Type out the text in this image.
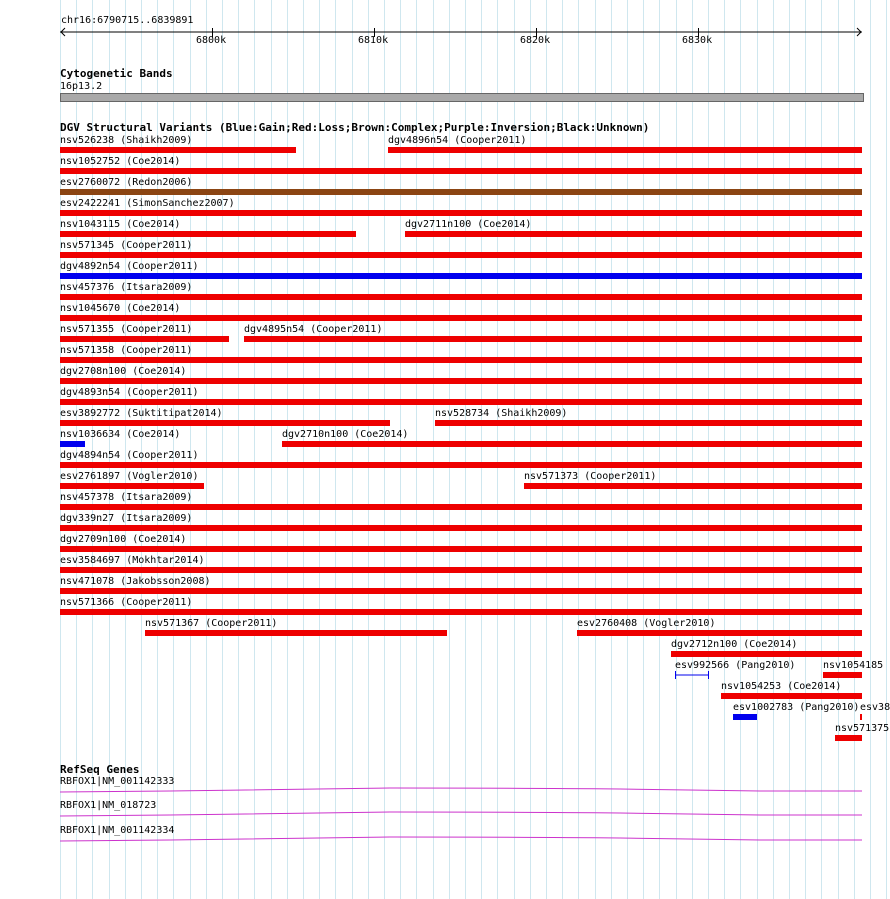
chr16:6790715..6839891
6800k	6810k	6820k	6830k
Cytogenetic Bands
16p13.2
DGV Structural Variants (Blue:Gain;Red:Loss;Brown:Complex;Purple:Inversion;Black:Unknown)
nsv526238 (Shaikh2009)	dgv4896n54 (Cooper2011)
nsv1052752 (Coe2014)
esv2760072 (Redon2006)
esv2422241 (SimonSanchez2007)
nsv1043115 (Coe2014)	dgv2711n100 (Coe2014)
nsv571345 (Cooper2011)
dgv4892n54 (Cooper2011)
nsv457376 (Itsara2009)
nsv1045670 (Coe2014)
nsv571355 (Cooper2011)	dgv4895n54 (Cooper2011)
nsv571358 (Cooper2011)
dgv2708n100 (Coe2014)
dgv4893n54 (Cooper2011)
esv3892772 (Suktitipat2014)	nsv528734 (Shaikh2009)
nsv1036634 (Coe2014)	dgv2710n100 (Coe2014)
dgv4894n54 (Cooper2011)
esv2761897 (Vogler2010)	nsv571373 (Cooper2011)
nsv457378 (Itsara2009)
dgv339n27 (Itsara2009)
dgv2709n100 (Coe2014)
esv3584697 (Mokhtar2014)
nsv471078 (Jakobsson2008)
nsv571366 (Cooper2011)
nsv571367 (Cooper2011)	esv2760408 (Vogler2010)
dgv2712n100 (Coe2014)
esv992566 (Pang2010)	nsv1054185
nsv1054253 (Coe2014)
esv1002783 (Pang2010) esv38
nsv571375
RefSeq Genes
RBFOX1|NM_001142333
RBFOX1|NM_018723
RBFOX1|NM_001142334
